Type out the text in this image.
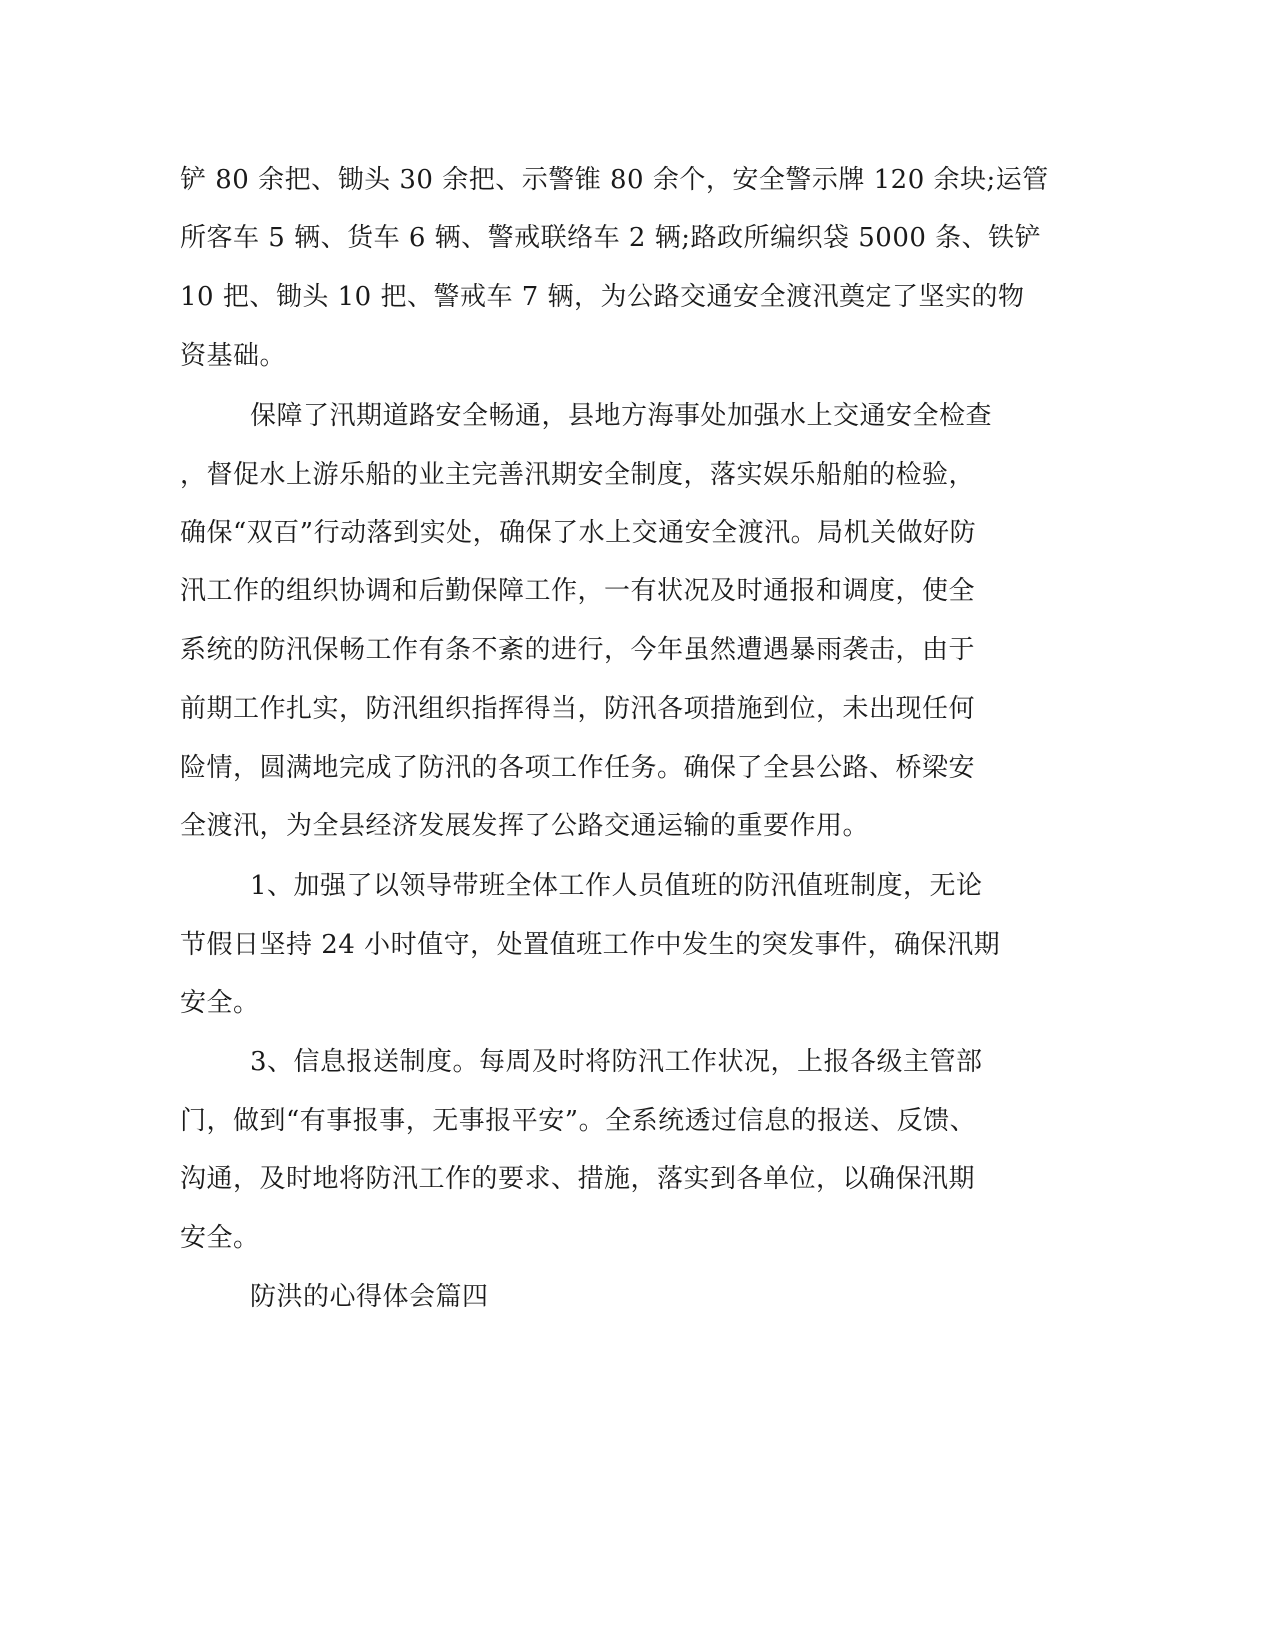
铲 80 余把、锄头 30 余把、示警锥 80 余个，安全警示牌 120 余块;运管
所客车 5 辆、货车 6 辆、警戒联络车 2 辆;路政所编织袋 5000 条、铁铲
10 把、锄头 10 把、警戒车 7 辆，为公路交通安全渡汛奠定了坚实的物
资基础。
保障了汛期道路安全畅通，县地方海事处加强水上交通安全检查
，督促水上游乐船的业主完善汛期安全制度，落实娱乐船舶的检验，
确保“双百”行动落到实处，确保了水上交通安全渡汛。局机关做好防
汛工作的组织协调和后勤保障工作，一有状况及时通报和调度，使全
系统的防汛保畅工作有条不紊的进行，今年虽然遭遇暴雨袭击，由于
前期工作扎实，防汛组织指挥得当，防汛各项措施到位，未出现任何
险情，圆满地完成了防汛的各项工作任务。确保了全县公路、桥梁安
全渡汛，为全县经济发展发挥了公路交通运输的重要作用。
1、加强了以领导带班全体工作人员值班的防汛值班制度，无论
节假日坚持 24 小时值守，处置值班工作中发生的突发事件，确保汛期
安全。
3、信息报送制度。每周及时将防汛工作状况，上报各级主管部
门，做到“有事报事，无事报平安”。全系统透过信息的报送、反馈、
沟通，及时地将防汛工作的要求、措施，落实到各单位，以确保汛期
安全。
防洪的心得体会篇四
